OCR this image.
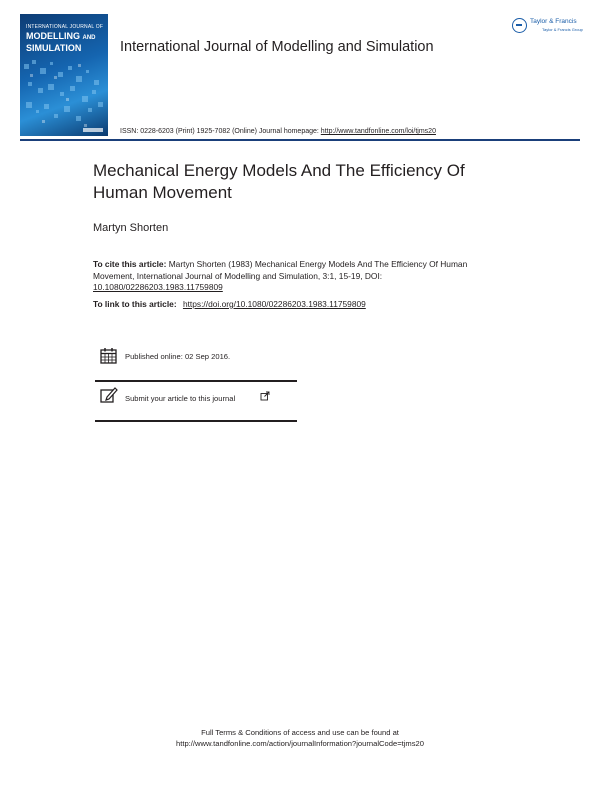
INTERNATIONAL JOURNAL OF
MODELLING AND
SIMULATION	International Journal of Modelling and Simulation
Taylor & Francis
Taylor & Francis Group
ISSN: 0228-6203 (Print) 1925-7082 (Online) Journal homepage: http://www.tandfonline.com/loi/tjms20
Mechanical Energy Models And The Efficiency Of
Human Movement
Martyn Shorten
To cite this article: Martyn Shorten (1983) Mechanical Energy Models And The Efficiency Of Human Movement, International Journal of Modelling and Simulation, 3:1, 15-19, DOI: 10.1080/02286203.1983.11759809
To link to this article: https://doi.org/10.1080/02286203.1983.11759809
Published online: 02 Sep 2016.
Submit your article to this journal
Full Terms & Conditions of access and use can be found at
http://www.tandfonline.com/action/journalInformation?journalCode=tjms20
